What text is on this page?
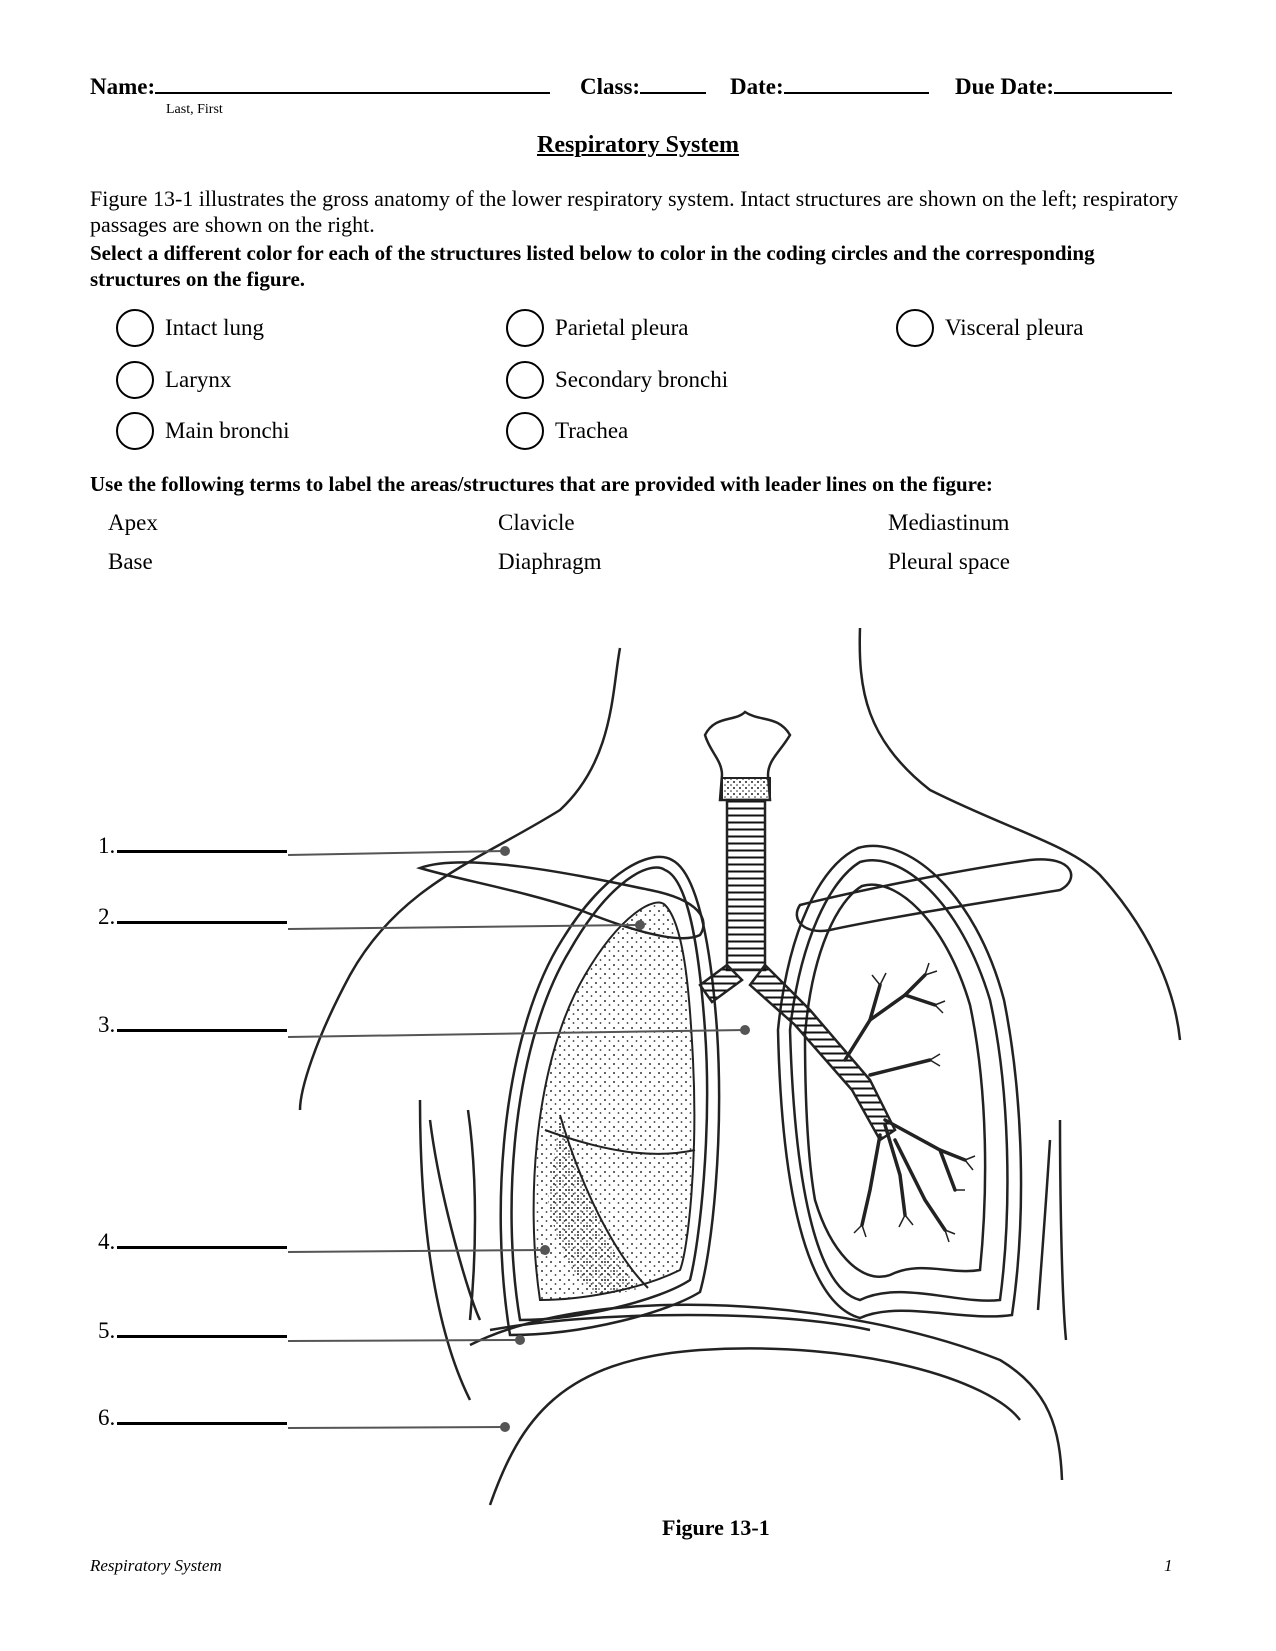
Name:
Last, First
Class:	Date:	Due Date:
Respiratory System
Figure 13-1 illustrates the gross anatomy of the lower respiratory system. Intact structures are shown on the left; respiratory passages are shown on the right.
Select a different color for each of the structures listed below to color in the coding circles and the corresponding structures on the figure.
Intact lung	Parietal pleura	Visceral pleura
Larynx	Secondary bronchi
Main bronchi	Trachea
Use the following terms to label the areas/structures that are provided with leader lines on the figure:
Apex	Clavicle	Mediastinum
Base	Diaphragm	Pleural space
1.
2.
3.
4.
5.
6.
Figure 13-1
Respiratory System	1
